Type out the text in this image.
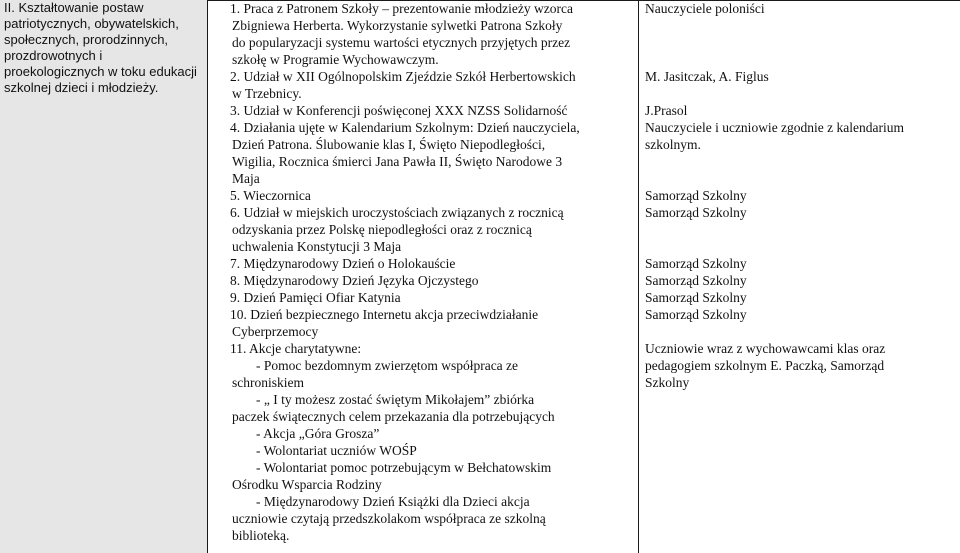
II. Kształtowanie postaw patriotycznych, obywatelskich, społecznych, prorodzinnych, prozdrowotnych i proekologicznych w toku edukacji szkolnej dzieci i młodzieży.
1. Praca z Patronem Szkoły – prezentowanie młodzieży wzorca
Zbigniewa Herberta. Wykorzystanie sylwetki Patrona Szkoły
do popularyzacji systemu wartości etycznych przyjętych przez
szkołę w Programie Wychowawczym.
2. Udział w XII Ogólnopolskim Zjeździe Szkół Herbertowskich
w Trzebnicy.
3. Udział w Konferencji poświęconej XXX NZSS Solidarność
4. Działania ujęte w Kalendarium Szkolnym: Dzień nauczyciela,
Dzień Patrona. Ślubowanie klas I, Święto Niepodległości,
Wigilia, Rocznica śmierci Jana Pawła II, Święto Narodowe 3
Maja
5. Wieczornica
6. Udział w miejskich uroczystościach związanych z rocznicą
odzyskania przez Polskę niepodległości oraz z rocznicą
uchwalenia Konstytucji 3 Maja
7. Międzynarodowy Dzień o Holokauście
8. Międzynarodowy Dzień Języka Ojczystego
9. Dzień Pamięci Ofiar Katynia
10. Dzień bezpiecznego Internetu akcja przeciwdziałanie
Cyberprzemocy
11. Akcje charytatywne:
- Pomoc bezdomnym zwierzętom współpraca ze
schroniskiem
- „ I ty możesz zostać świętym Mikołajem” zbiórka
paczek świątecznych celem przekazania dla potrzebujących
- Akcja „Góra Grosza”
- Wolontariat uczniów WOŚP
- Wolontariat pomoc potrzebującym w Bełchatowskim
Ośrodku Wsparcia Rodziny
- Międzynarodowy Dzień Książki dla Dzieci akcja
uczniowie czytają przedszkolakom współpraca ze szkolną
biblioteką.
Nauczyciele poloniści
M. Jasitczak, A. Figlus
J.Prasol
Nauczyciele i uczniowie zgodnie z kalendarium
szkolnym.
Samorząd Szkolny
Samorząd Szkolny
Samorząd Szkolny
Samorząd Szkolny
Samorząd Szkolny
Samorząd Szkolny
Uczniowie wraz z wychowawcami klas oraz
pedagogiem szkolnym E. Paczką, Samorząd
Szkolny
